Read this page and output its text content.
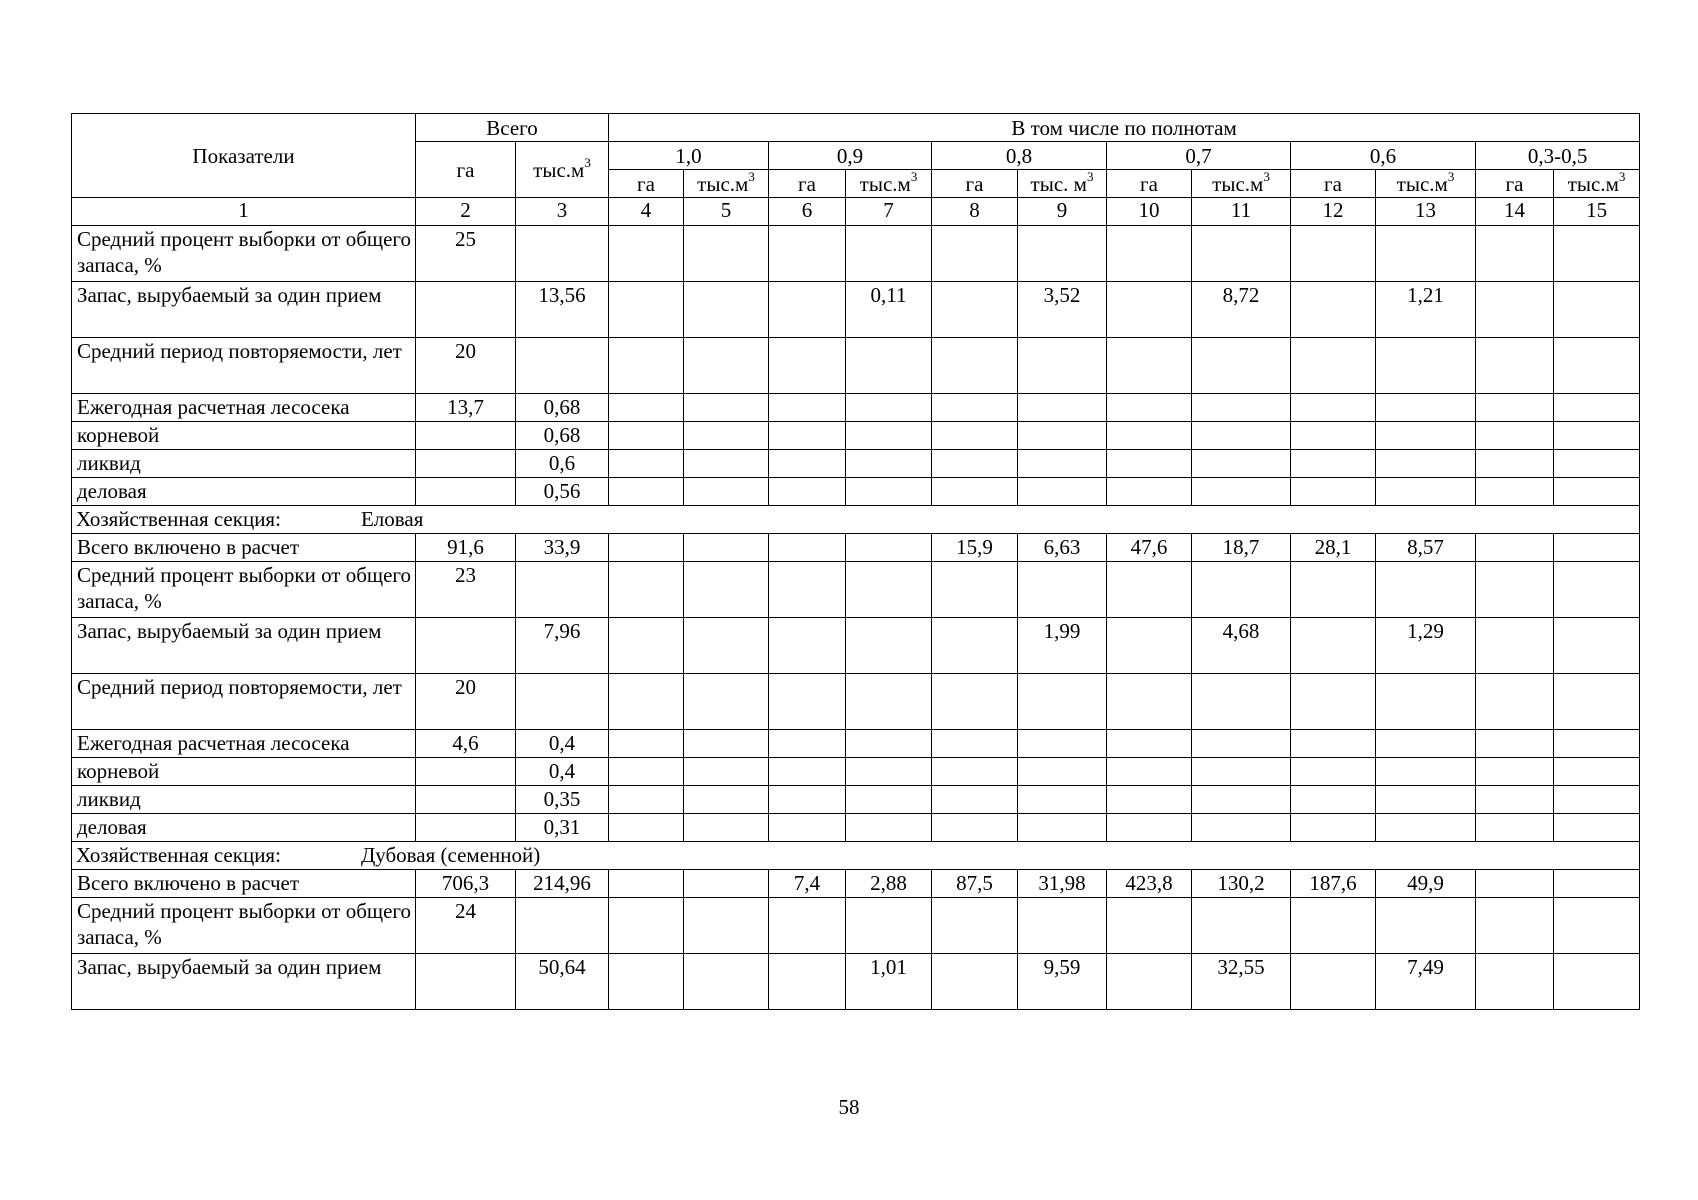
Показатели	Всего		В том числе по полнотам											
	га	$тыс.м^3$	1,0		0,9		0,8		0,7		0,6		0,3-0,5	
			га	$тыс.м^3$	га	$тыс.м^3$	га	тыс. $м^3$	га	$тыс.м^3$	га	$тыс.м^3$	га	$тыс.м^3$
1	2	3	4	5	6	7	8	9	10	11	12	13	14	15
Средний процент выборки от общего запаса, %	25													
Запас, вырубаемый за один прием		13,56				0,11		3,52		8,72		1,21		
Средний период повторяемости, лет	20													
Ежегодная расчетная лесосека	13,7	0,68												
корневой		0,68												
ликвид		0,6												
деловая		0,56												
Хозяйственная секция: Еловая														
Всего включено в расчет	91,6	33,9					15,9	6,63	47,6	18,7	28,1	8,57		
Средний процент выборки от общего запаса, %	23													
Запас, вырубаемый за один прием		7,96						1,99		4,68		1,29		
Средний период повторяемости, лет	20													
Ежегодная расчетная лесосека	4,6	0,4												
корневой		0,4												
ликвид		0,35												
деловая		0,31												
Хозяйственная секция: Дубовая (семенной)														
Всего включено в расчет	706,3	214,96			7,4	2,88	87,5	31,98	423,8	130,2	187,6	49,9		
Средний процент выборки от общего запаса, %	24													
Запас, вырубаемый за один прием		50,64				1,01		9,59		32,55		7,49		
58
